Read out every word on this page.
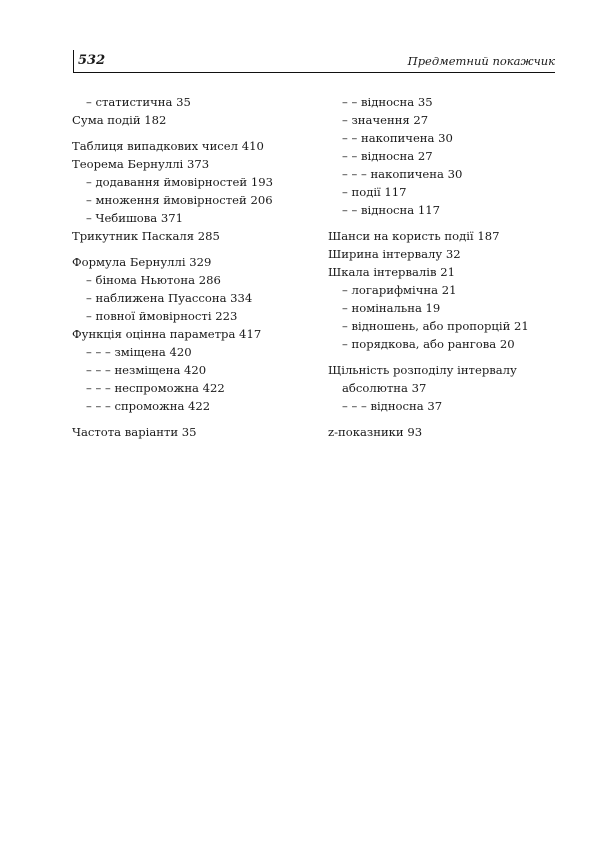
532	Предметний покажчик
– статистична 35
Сума подій 182
Таблиця випадкових чисел 410
Теорема Бернуллі 373
– додавання ймовірностей 193
– множення ймовірностей 206
– Чебишова 371
Трикутник Паскаля 285
Формула Бернуллі 329
– бінома Ньютона 286
– наближена Пуассона 334
– повної ймовірності 223
Функція оцінна параметра 417
– – – зміщена 420
– – – незміщена 420
– – – неспроможна 422
– – – спроможна 422
Частота варіанти 35
– – відносна 35
– значення 27
– – накопичена 30
– – відносна 27
– – – накопичена 30
– події 117
– – відносна 117
Шанси на користь події 187
Ширина інтервалу 32
Шкала інтервалів 21
– логарифмічна 21
– номінальна 19
– відношень, або пропорцій 21
– порядкова, або рангова 20
Щільність розподілу інтервалу
абсолютна 37
– – – відносна 37
z-показники 93
